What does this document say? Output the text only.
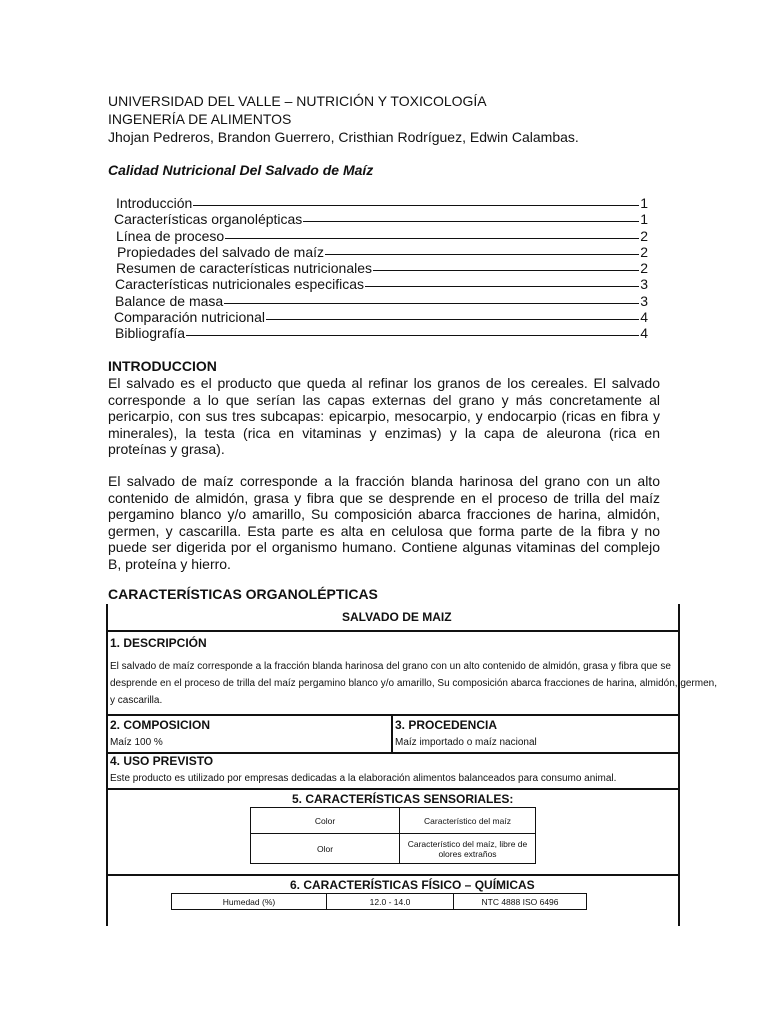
UNIVERSIDAD DEL VALLE – NUTRICIÓN Y TOXICOLOGÍA
INGENERÍA DE ALIMENTOS
Jhojan Pedreros, Brandon Guerrero, Cristhian Rodríguez, Edwin Calambas.
Calidad Nutricional Del Salvado de Maíz
Introducción	1
Características organolépticas	1
Línea de proceso	2
Propiedades del salvado de maíz	2
Resumen de características nutricionales	2
Características nutricionales especificas	3
Balance de masa	3
Comparación nutricional	4
Bibliografía	4
INTRODUCCION
El salvado es el producto que queda al refinar los granos de los cereales. El salvado corresponde a lo que serían las capas externas del grano y más concretamente al pericarpio, con sus tres subcapas: epicarpio, mesocarpio, y endocarpio (ricas en fibra y minerales), la testa (rica en vitaminas y enzimas) y la capa de aleurona (rica en proteínas y grasa).
El salvado de maíz corresponde a la fracción blanda harinosa del grano con un alto contenido de almidón, grasa y fibra que se desprende en el proceso de trilla del maíz pergamino blanco y/o amarillo, Su composición abarca fracciones de harina, almidón, germen, y cascarilla. Esta parte es alta en celulosa que forma parte de la fibra y no puede ser digerida por el organismo humano. Contiene algunas vitaminas del complejo B, proteína y hierro.
CARACTERÍSTICAS ORGANOLÉPTICAS
SALVADO DE MAIZ
1. DESCRIPCIÓN
El salvado de maíz corresponde a la fracción blanda harinosa del grano con un alto contenido de almidón, grasa y fibra que se
desprende en el proceso de trilla del maíz pergamino blanco y/o amarillo, Su composición abarca fracciones de harina, almidón, germen,
y cascarilla.
2. COMPOSICION
Maíz 100 %
3. PROCEDENCIA
Maíz importado o maíz nacional
4. USO PREVISTO
Este producto es utilizado por empresas dedicadas a la elaboración alimentos balanceados para consumo animal.
5. CARACTERÍSTICAS SENSORIALES:
Color	Característico del maíz
Olor	Característico del maíz, libre de olores extraños
6. CARACTERÍSTICAS FÍSICO – QUÍMICAS
Humedad (%)	12.0 - 14.0	NTC 4888 ISO 6496
